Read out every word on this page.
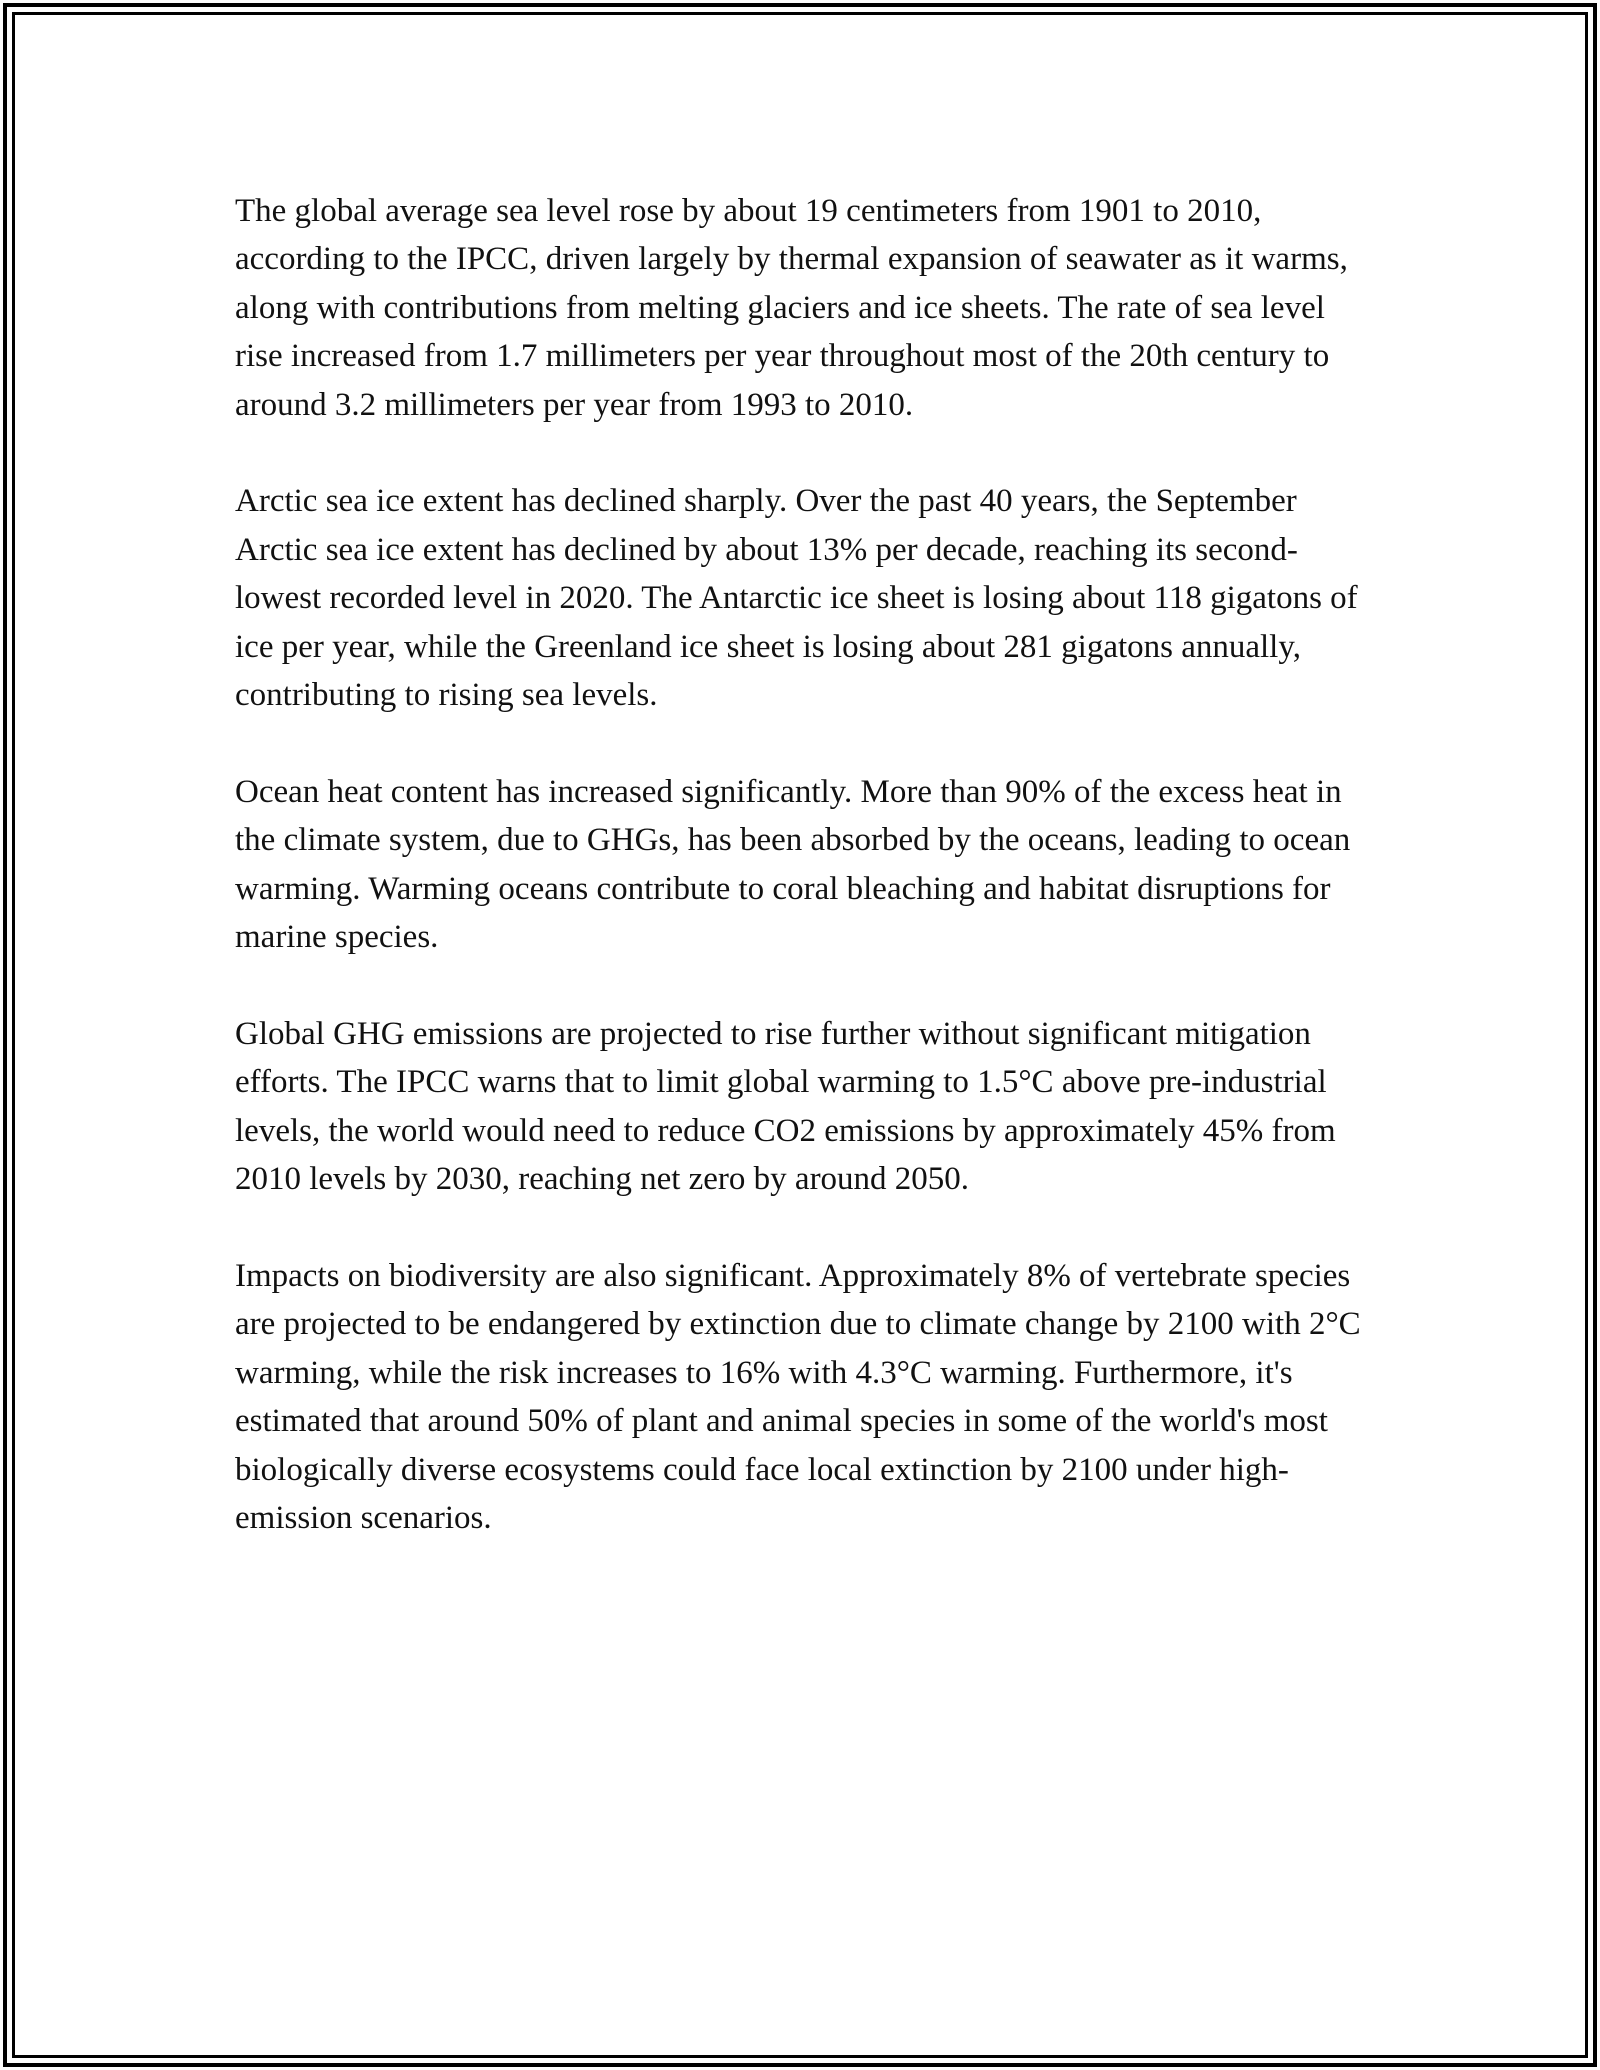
The global average sea level rose by about 19 centimeters from 1901 to 2010, according to the IPCC, driven largely by thermal expansion of seawater as it warms, along with contributions from melting glaciers and ice sheets. The rate of sea level rise increased from 1.7 millimeters per year throughout most of the 20th century to around 3.2 millimeters per year from 1993 to 2010.

Arctic sea ice extent has declined sharply. Over the past 40 years, the September Arctic sea ice extent has declined by about 13% per decade, reaching its second-lowest recorded level in 2020. The Antarctic ice sheet is losing about 118 gigatons of ice per year, while the Greenland ice sheet is losing about 281 gigatons annually, contributing to rising sea levels.

Ocean heat content has increased significantly. More than 90% of the excess heat in the climate system, due to GHGs, has been absorbed by the oceans, leading to ocean warming. Warming oceans contribute to coral bleaching and habitat disruptions for marine species.

Global GHG emissions are projected to rise further without significant mitigation efforts. The IPCC warns that to limit global warming to 1.5°C above pre-industrial levels, the world would need to reduce CO2 emissions by approximately 45% from 2010 levels by 2030, reaching net zero by around 2050.

Impacts on biodiversity are also significant. Approximately 8% of vertebrate species are projected to be endangered by extinction due to climate change by 2100 with 2°C warming, while the risk increases to 16% with 4.3°C warming. Furthermore, it's estimated that around 50% of plant and animal species in some of the world's most biologically diverse ecosystems could face local extinction by 2100 under high-emission scenarios.
